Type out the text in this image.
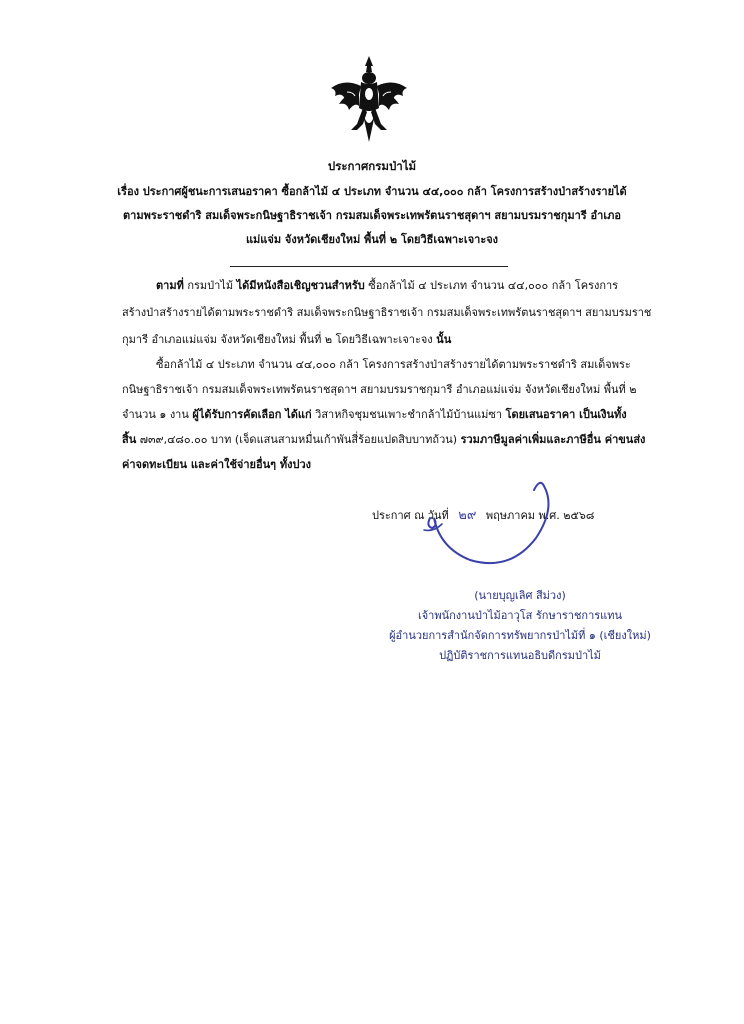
ประกาศกรมป่าไม้
เรื่อง ประกาศผู้ชนะการเสนอราคา ซื้อกล้าไม้ ๔ ประเภท จำนวน ๔๔,๐๐๐ กล้า โครงการสร้างป่าสร้างรายได้
ตามพระราชดำริ สมเด็จพระกนิษฐาธิราชเจ้า กรมสมเด็จพระเทพรัตนราชสุดาฯ สยามบรมราชกุมารี อำเภอ
แม่แจ่ม จังหวัดเชียงใหม่ พื้นที่ ๒ โดยวิธีเฉพาะเจาะจง
ตามที่ กรมป่าไม้ ได้มีหนังสือเชิญชวนสำหรับ ซื้อกล้าไม้ ๔ ประเภท จำนวน ๔๔,๐๐๐ กล้า โครงการ
สร้างป่าสร้างรายได้ตามพระราชดำริ สมเด็จพระกนิษฐาธิราชเจ้า กรมสมเด็จพระเทพรัตนราชสุดาฯ สยามบรมราช
กุมารี อำเภอแม่แจ่ม จังหวัดเชียงใหม่ พื้นที่ ๒ โดยวิธีเฉพาะเจาะจง นั้น
ซื้อกล้าไม้ ๔ ประเภท จำนวน ๔๔,๐๐๐ กล้า โครงการสร้างป่าสร้างรายได้ตามพระราชดำริ สมเด็จพระ
กนิษฐาธิราชเจ้า กรมสมเด็จพระเทพรัตนราชสุดาฯ สยามบรมราชกุมารี อำเภอแม่แจ่ม จังหวัดเชียงใหม่ พื้นที่ ๒
จำนวน ๑ งาน ผู้ได้รับการคัดเลือก ได้แก่ วิสาหกิจชุมชนเพาะชำกล้าไม้บ้านแม่ซา โดยเสนอราคา เป็นเงินทั้ง
สิ้น ๗๓๙,๔๘๐.๐๐ บาท (เจ็ดแสนสามหมื่นเก้าพันสี่ร้อยแปดสิบบาทถ้วน) รวมภาษีมูลค่าเพิ่มและภาษีอื่น ค่าขนส่ง
ค่าจดทะเบียน และค่าใช้จ่ายอื่นๆ ทั้งปวง
ประกาศ ณ วันที่ ๒๙ พฤษภาคม พ.ศ. ๒๕๖๘
(นายบุญเลิศ สีม่วง)
เจ้าพนักงานป่าไม้อาวุโส รักษาราชการแทน
ผู้อำนวยการสำนักจัดการทรัพยากรป่าไม้ที่ ๑ (เชียงใหม่)
ปฏิบัติราชการแทนอธิบดีกรมป่าไม้
